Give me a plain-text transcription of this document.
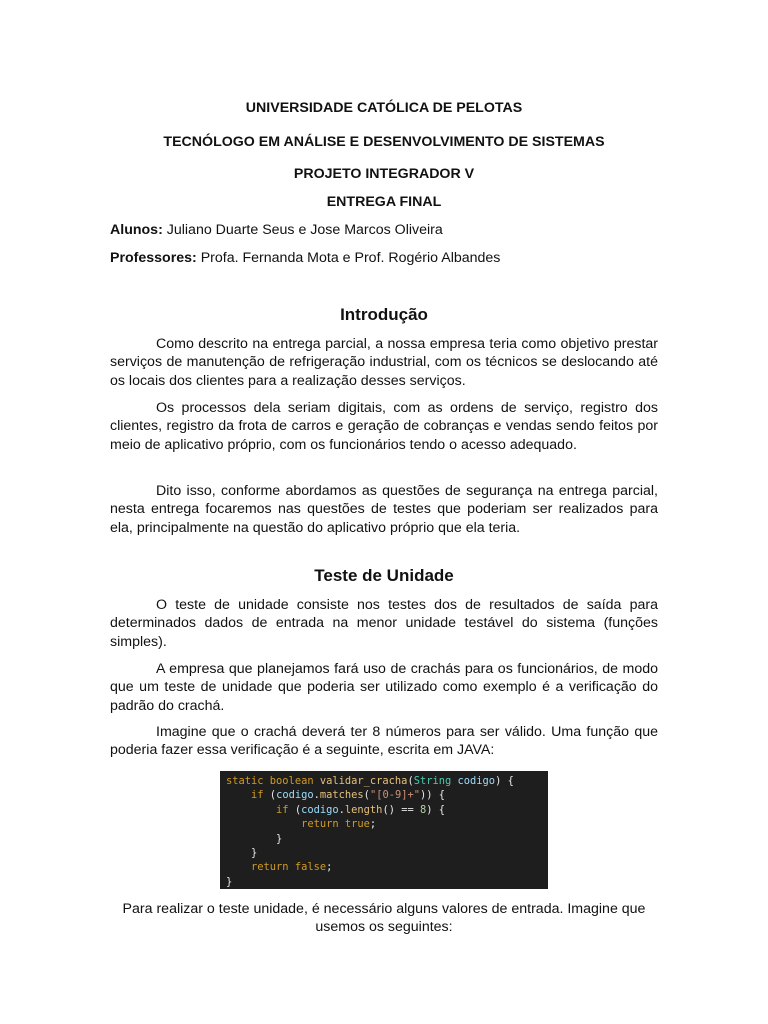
UNIVERSIDADE CATÓLICA DE PELOTAS
TECNÓLOGO EM ANÁLISE E DESENVOLVIMENTO DE SISTEMAS
PROJETO INTEGRADOR V
ENTREGA FINAL
Alunos: Juliano Duarte Seus e Jose Marcos Oliveira
Professores: Profa. Fernanda Mota e Prof. Rogério Albandes
Introdução
Como descrito na entrega parcial, a nossa empresa teria como objetivo prestar serviços de manutenção de refrigeração industrial, com os técnicos se deslocando até os locais dos clientes para a realização desses serviços.
Os processos dela seriam digitais, com as ordens de serviço, registro dos clientes, registro da frota de carros e geração de cobranças e vendas sendo feitos por meio de aplicativo próprio, com os funcionários tendo o acesso adequado.
Dito isso, conforme abordamos as questões de segurança na entrega parcial, nesta entrega focaremos nas questões de testes que poderiam ser realizados para ela, principalmente na questão do aplicativo próprio que ela teria.
Teste de Unidade
O teste de unidade consiste nos testes dos de resultados de saída para determinados dados de entrada na menor unidade testável do sistema (funções simples).
A empresa que planejamos fará uso de crachás para os funcionários, de modo que um teste de unidade que poderia ser utilizado como exemplo é a verificação do padrão do crachá.
Imagine que o crachá deverá ter 8 números para ser válido. Uma função que poderia fazer essa verificação é a seguinte, escrita em JAVA:
static boolean validar_cracha(String codigo) {
if (codigo.matches("[0-9]+")) {
if (codigo.length() == 8) {
return true;
}
}
return false;
}
Para realizar o teste unidade, é necessário alguns valores de entrada. Imagine que usemos os seguintes:
